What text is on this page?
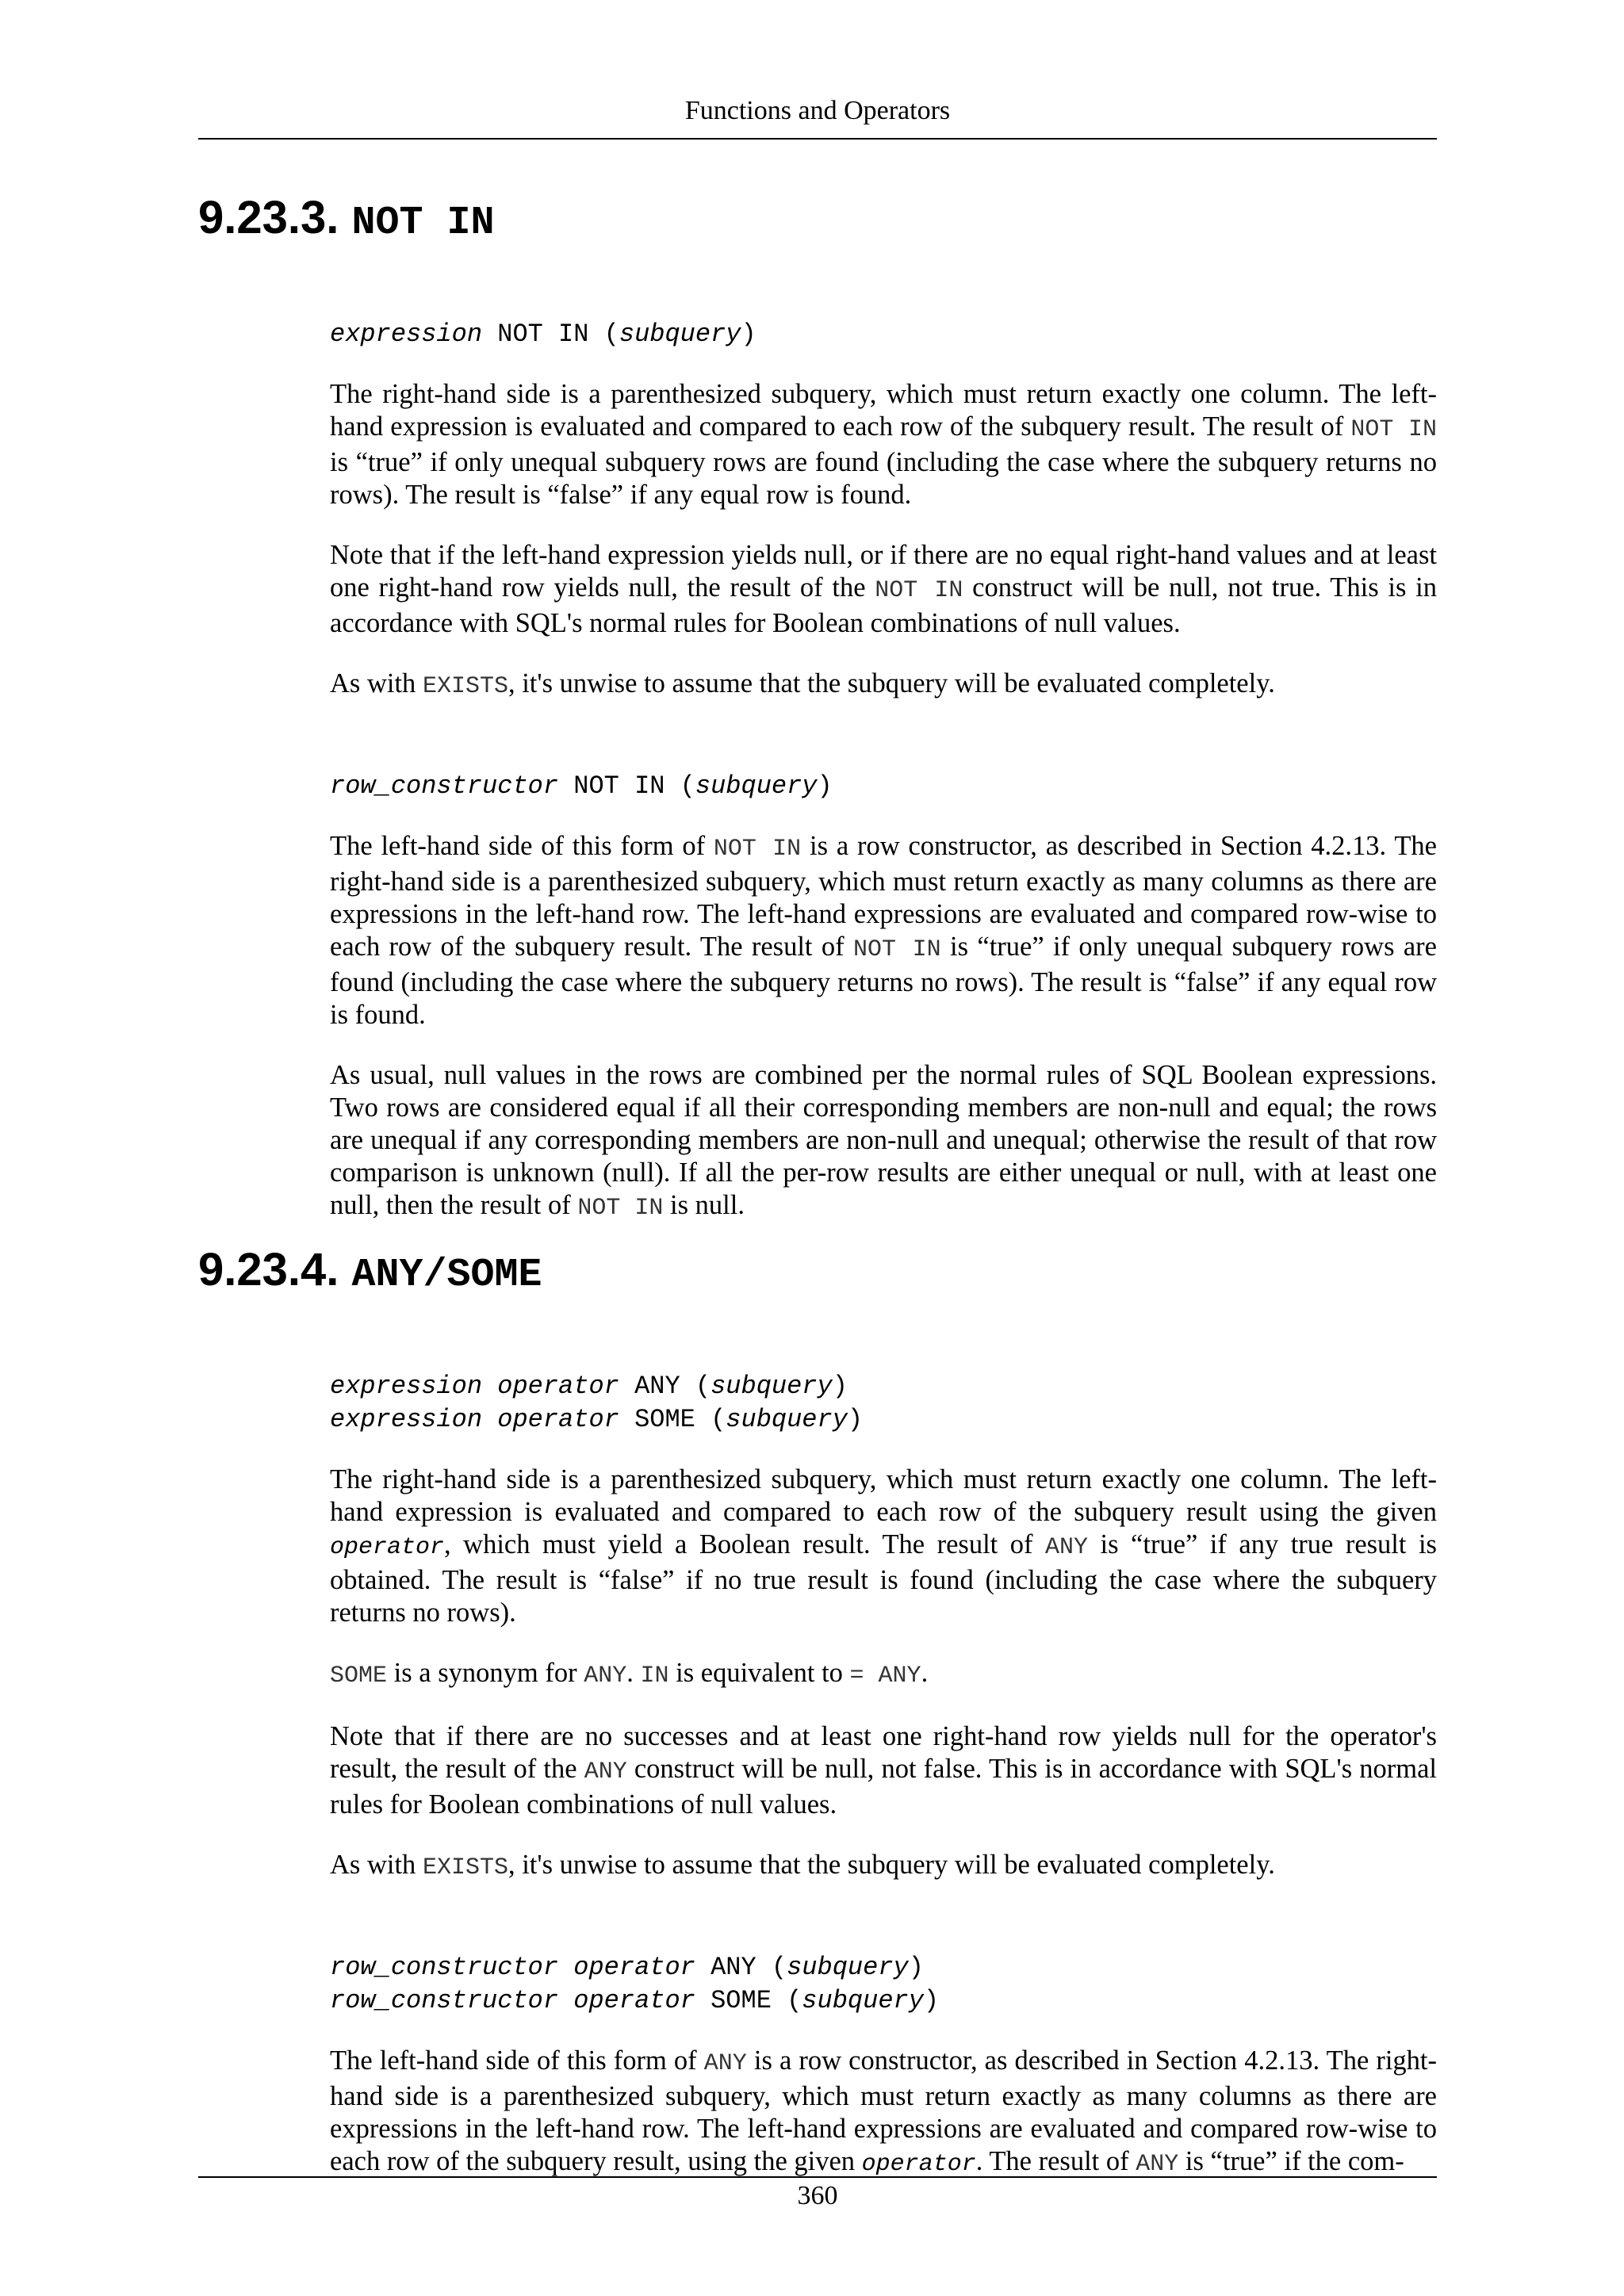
Functions and Operators
9.23.3. NOT IN
expression NOT IN (subquery)

The right-hand side is a parenthesized subquery, which must return exactly one column. The left-hand expression is evaluated and compared to each row of the subquery result. The result of NOT IN is “true” if only unequal subquery rows are found (including the case where the subquery returns no rows). The result is “false” if any equal row is found.

Note that if the left-hand expression yields null, or if there are no equal right-hand values and at least one right-hand row yields null, the result of the NOT IN construct will be null, not true. This is in accordance with SQL's normal rules for Boolean combinations of null values.

As with EXISTS, it's unwise to assume that the subquery will be evaluated completely.

row_constructor NOT IN (subquery)

The left-hand side of this form of NOT IN is a row constructor, as described in Section 4.2.13. The right-hand side is a parenthesized subquery, which must return exactly as many columns as there are expressions in the left-hand row. The left-hand expressions are evaluated and compared row-wise to each row of the subquery result. The result of NOT IN is “true” if only unequal subquery rows are found (including the case where the subquery returns no rows). The result is “false” if any equal row is found.

As usual, null values in the rows are combined per the normal rules of SQL Boolean expressions. Two rows are considered equal if all their corresponding members are non-null and equal; the rows are unequal if any corresponding members are non-null and unequal; otherwise the result of that row comparison is unknown (null). If all the per-row results are either unequal or null, with at least one null, then the result of NOT IN is null.

9.23.4. ANY/SOME
expression operator ANY (subquery)
expression operator SOME (subquery)

The right-hand side is a parenthesized subquery, which must return exactly one column. The left-hand expression is evaluated and compared to each row of the subquery result using the given operator, which must yield a Boolean result. The result of ANY is “true” if any true result is obtained. The result is “false” if no true result is found (including the case where the subquery returns no rows).

SOME is a synonym for ANY. IN is equivalent to = ANY.

Note that if there are no successes and at least one right-hand row yields null for the operator's result, the result of the ANY construct will be null, not false. This is in accordance with SQL's normal rules for Boolean combinations of null values.

As with EXISTS, it's unwise to assume that the subquery will be evaluated completely.

row_constructor operator ANY (subquery)
row_constructor operator SOME (subquery)

The left-hand side of this form of ANY is a row constructor, as described in Section 4.2.13. The right-hand side is a parenthesized subquery, which must return exactly as many columns as there are expressions in the left-hand row. The left-hand expressions are evaluated and compared row-wise to each row of the subquery result, using the given operator. The result of ANY is “true” if the com-

360
